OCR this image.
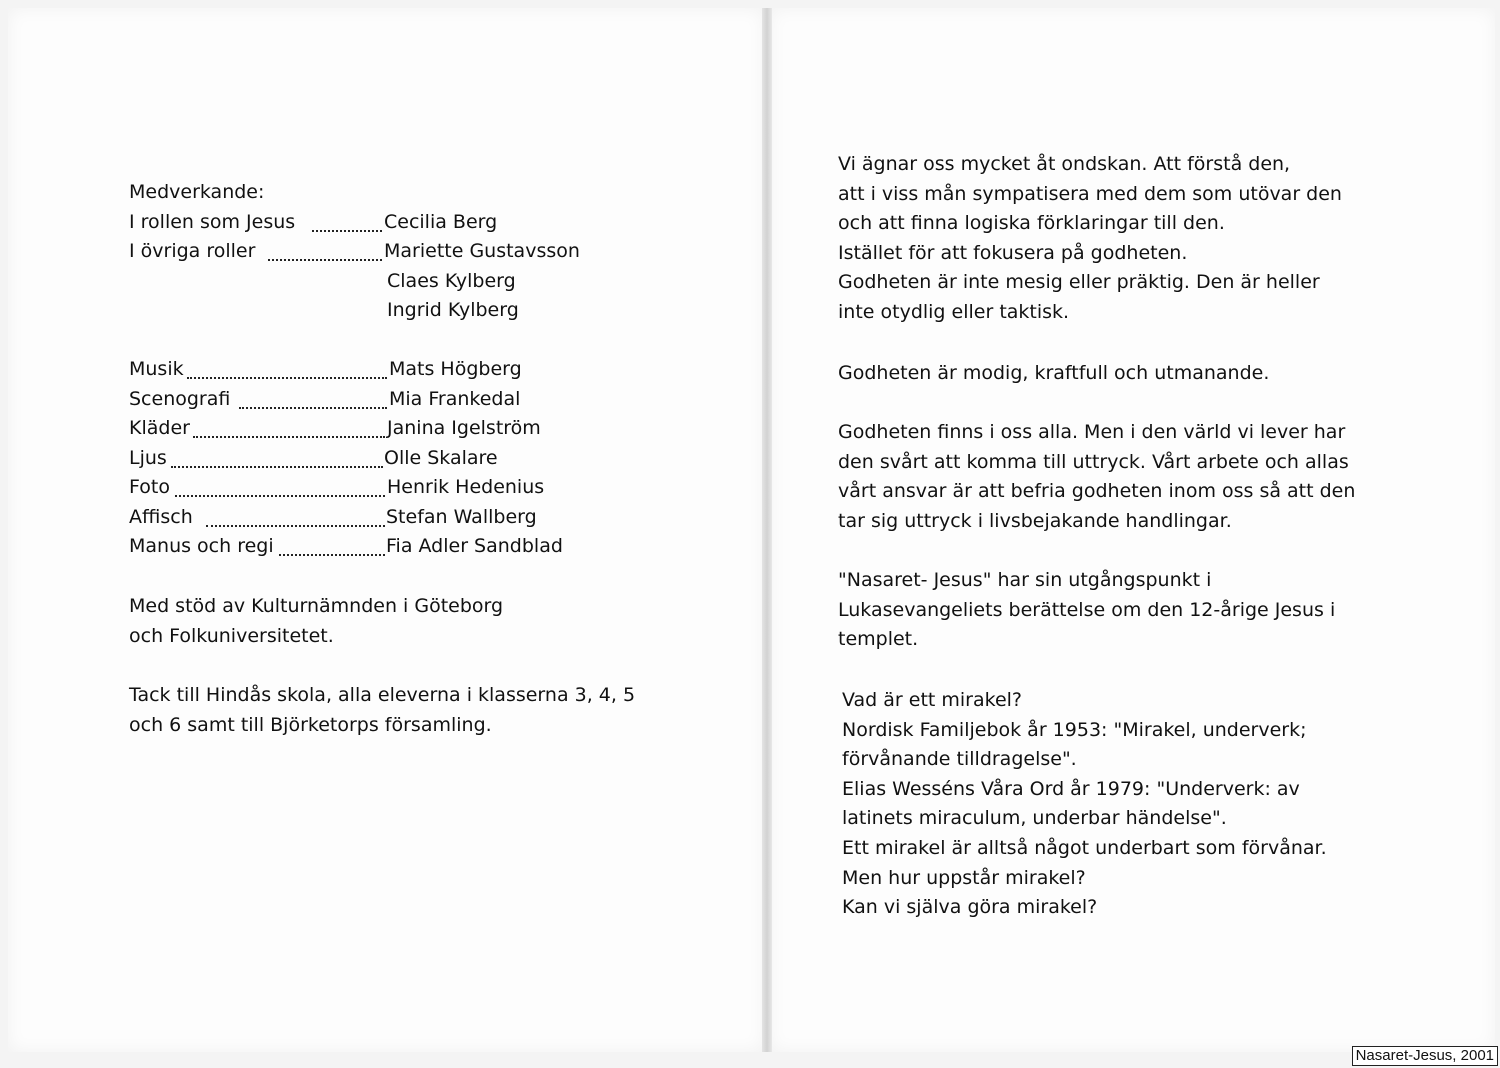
Medverkande:
I rollen som Jesus	Cecilia Berg
I övriga roller	Mariette Gustavsson
Claes Kylberg
Ingrid Kylberg
Musik	Mats Högberg
Scenografi	Mia Frankedal
Kläder	Janina Igelström
Ljus	Olle Skalare
Foto	Henrik Hedenius
Affisch	Stefan Wallberg
Manus och regi	Fia Adler Sandblad
Med stöd av Kulturnämnden i Göteborg
och Folkuniversitetet.
Tack till Hindås skola, alla eleverna i klasserna 3, 4, 5
och 6 samt till Björketorps församling.
Vi ägnar oss mycket åt ondskan. Att förstå den,
att i viss mån sympatisera med dem som utövar den
och att finna logiska förklaringar till den.
Istället för att fokusera på godheten.
Godheten är inte mesig eller präktig. Den är heller
inte otydlig eller taktisk.
Godheten är modig, kraftfull och utmanande.
Godheten finns i oss alla. Men i den värld vi lever har
den svårt att komma till uttryck. Vårt arbete och allas
vårt ansvar är att befria godheten inom oss så att den
tar sig uttryck i livsbejakande handlingar.
"Nasaret- Jesus" har sin utgångspunkt i
Lukasevangeliets berättelse om den 12-årige Jesus i
templet.
Vad är ett mirakel?
Nordisk Familjebok år 1953: "Mirakel, underverk;
förvånande tilldragelse".
Elias Wesséns Våra Ord år 1979: "Underverk: av
latinets miraculum, underbar händelse".
Ett mirakel är alltså något underbart som förvånar.
Men hur uppstår mirakel?
Kan vi själva göra mirakel?
Nasaret-Jesus, 2001
